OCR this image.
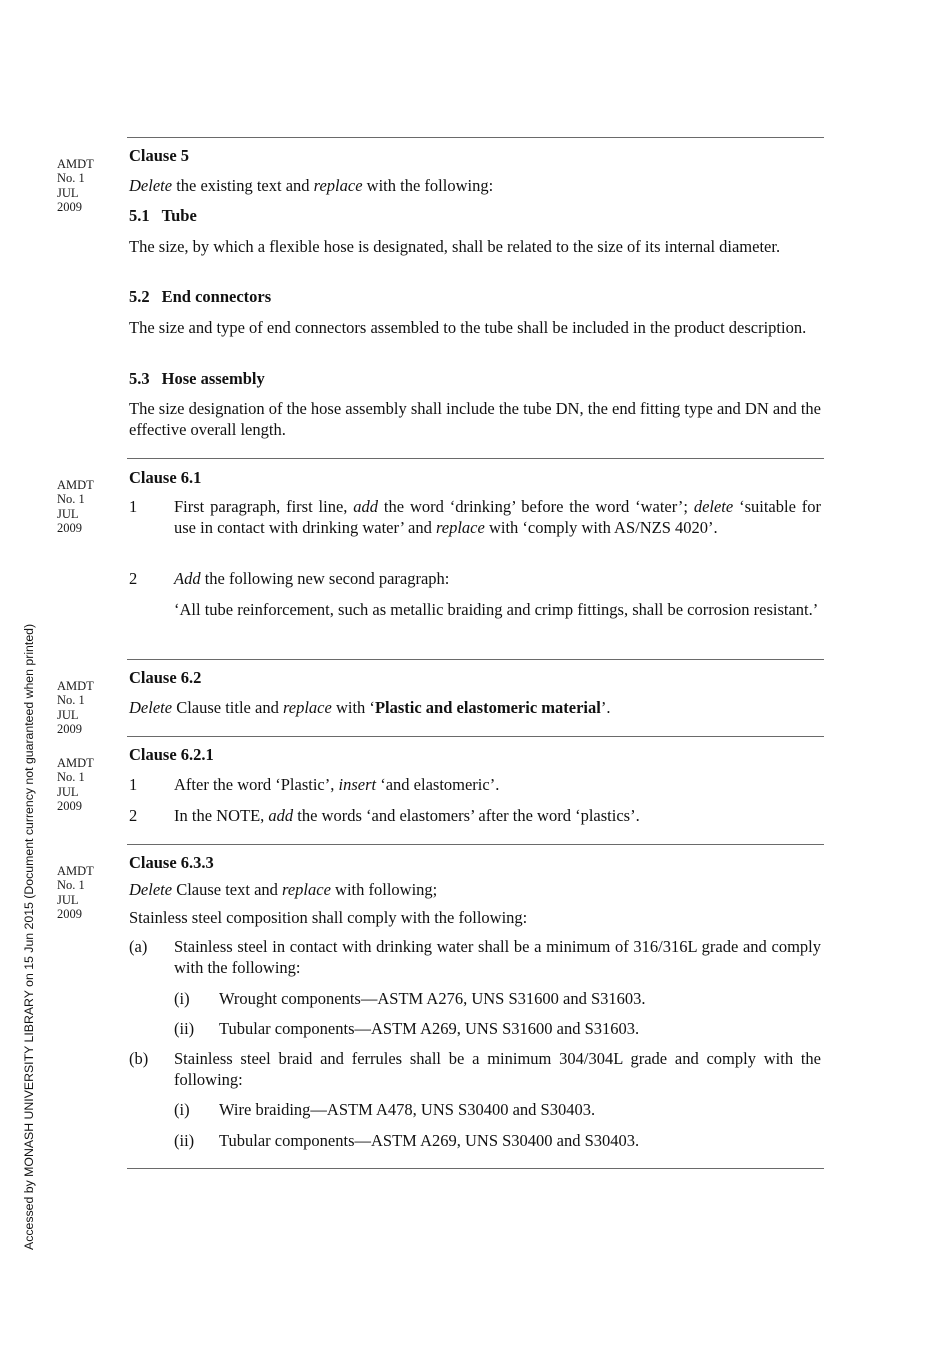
Accessed by MONASH UNIVERSITY LIBRARY on 15 Jun 2015 (Document currency not guaranteed when printed)
AMDT
No. 1
JUL
2009
AMDT
No. 1
JUL
2009
AMDT
No. 1
JUL
2009
AMDT
No. 1
JUL
2009
AMDT
No. 1
JUL
2009
Clause 5
Delete the existing text and replace with the following:
5.1 Tube
The size, by which a flexible hose is designated, shall be related to the size of its internal diameter.
5.2 End connectors
The size and type of end connectors assembled to the tube shall be included in the product description.
5.3 Hose assembly
The size designation of the hose assembly shall include the tube DN, the end fitting type and DN and the effective overall length.
Clause 6.1
1 First paragraph, first line, add the word ‘drinking’ before the word ‘water’; delete ‘suitable for use in contact with drinking water’ and replace with ‘comply with AS/NZS 4020’.
2 Add the following new second paragraph:
‘All tube reinforcement, such as metallic braiding and crimp fittings, shall be corrosion resistant.’
Clause 6.2
Delete Clause title and replace with ‘Plastic and elastomeric material’.
Clause 6.2.1
1 After the word ‘Plastic’, insert ‘and elastomeric’.
2 In the NOTE, add the words ‘and elastomers’ after the word ‘plastics’.
Clause 6.3.3
Delete Clause text and replace with following;
Stainless steel composition shall comply with the following:
(a) Stainless steel in contact with drinking water shall be a minimum of 316/316L grade and comply with the following:
(i) Wrought components—ASTM A276, UNS S31600 and S31603.
(ii) Tubular components—ASTM A269, UNS S31600 and S31603.
(b) Stainless steel braid and ferrules shall be a minimum 304/304L grade and comply with the following:
(i) Wire braiding—ASTM A478, UNS S30400 and S30403.
(ii) Tubular components—ASTM A269, UNS S30400 and S30403.
